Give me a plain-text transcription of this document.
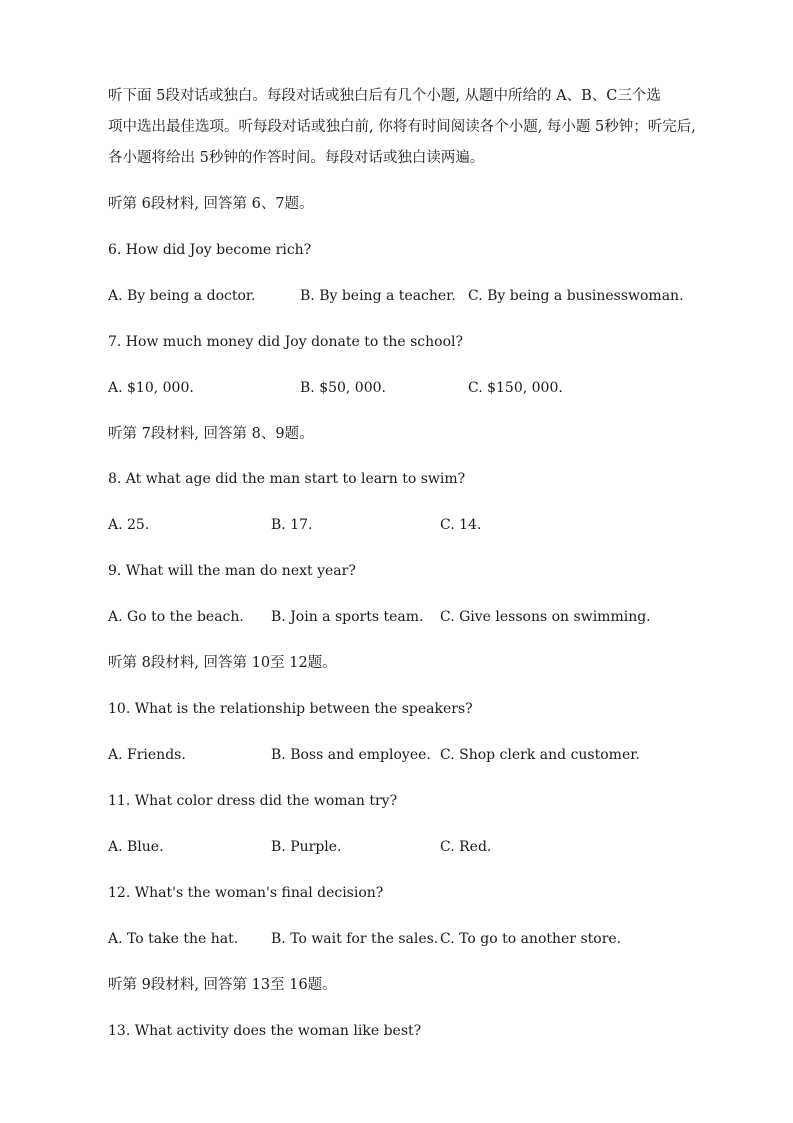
听下面 5段对话或独白。每段对话或独白后有几个小题, 从题中所给的 A、B、C三个选

项中选出最佳选项。听每段对话或独白前, 你将有时间阅读各个小题, 每小题 5秒钟；听完后,

各小题将给出 5秒钟的作答时间。每段对话或独白读两遍。

听第 6段材料, 回答第 6、7题。
6. How did Joy become rich?
A. By being a doctor.	B. By being a teacher. C. By being a businesswoman.
7. How much money did Joy donate to the school?
A. $10, 000.	B. $50, 000.	C. $150, 000.
听第 7段材料, 回答第 8、9题。
8. At what age did the man start to learn to swim?
A. 25.	B. 17.	C. 14.
9. What will the man do next year?
A. Go to the beach. B. Join a sports team. C. Give lessons on swimming.
听第 8段材料, 回答第 10至 12题。
10. What is the relationship between the speakers?
A. Friends.	B. Boss and employee. C. Shop clerk and customer.
11. What color dress did the woman try?
A. Blue.	B. Purple.	C. Red.
12. What's the woman's final decision?
A. To take the hat. B. To wait for the sales. C. To go to another store.
听第 9段材料, 回答第 13至 16题。
13. What activity does the woman like best?
